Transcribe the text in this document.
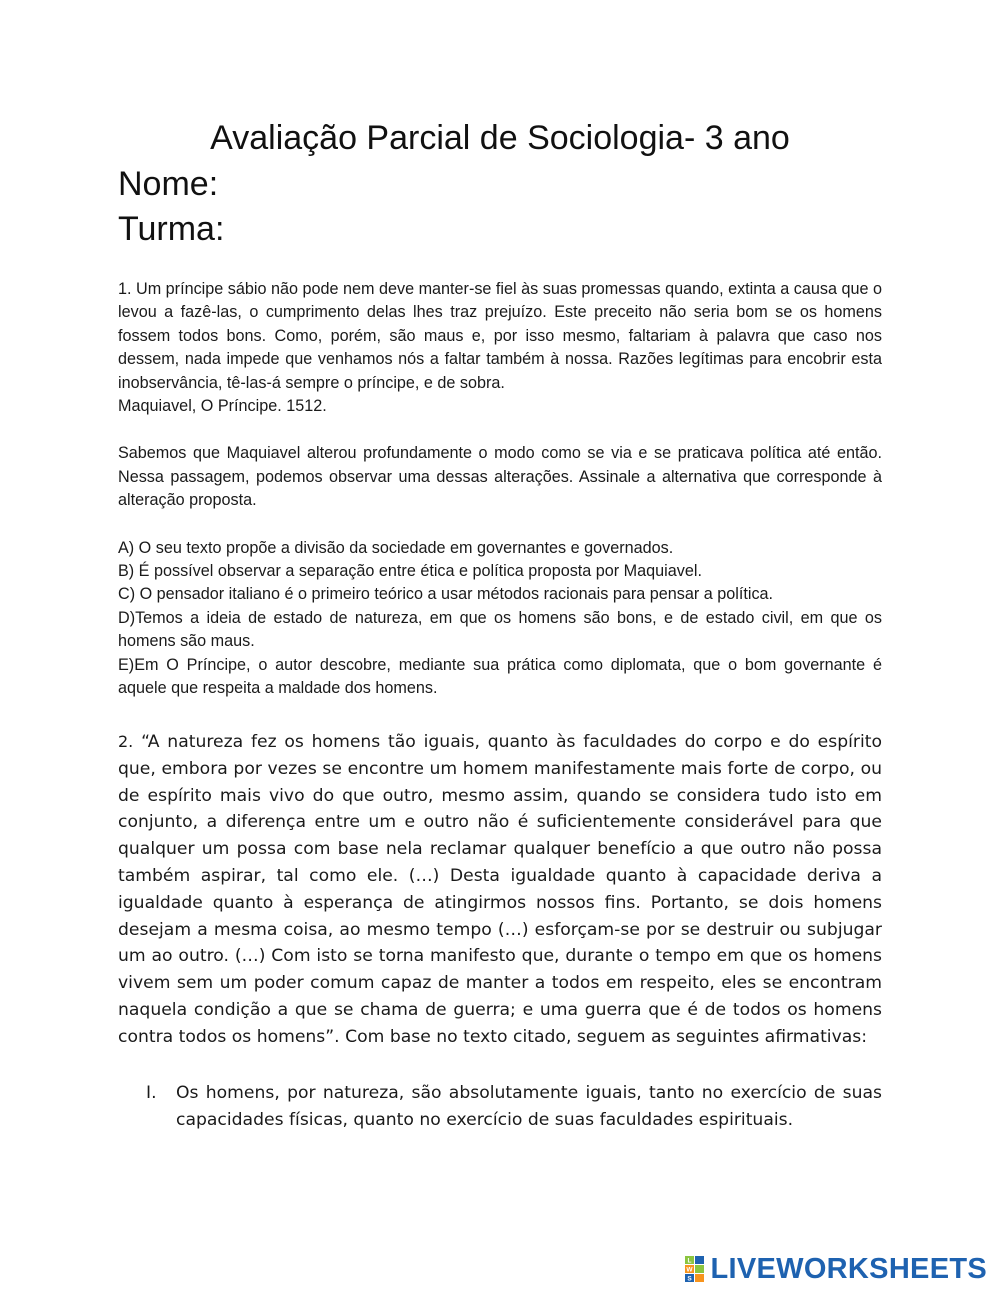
Avaliação Parcial de Sociologia- 3 ano
Nome:
Turma:

1. Um príncipe sábio não pode nem deve manter-se fiel às suas promessas quando, extinta a causa que o levou a fazê-las, o cumprimento delas lhes traz prejuízo. Este preceito não seria bom se os homens fossem todos bons. Como, porém, são maus e, por isso mesmo, faltariam à palavra que caso nos dessem, nada impede que venhamos nós a faltar também à nossa. Razões legítimas para encobrir esta inobservância, tê-las-á sempre o príncipe, e de sobra.

Maquiavel, O Príncipe. 1512.

Sabemos que Maquiavel alterou profundamente o modo como se via e se praticava política até então. Nessa passagem, podemos observar uma dessas alterações. Assinale a alternativa que corresponde à alteração proposta.

A) O seu texto propõe a divisão da sociedade em governantes e governados.

B) É possível observar a separação entre ética e política proposta por Maquiavel.

C) O pensador italiano é o primeiro teórico a usar métodos racionais para pensar a política.

D)Temos a ideia de estado de natureza, em que os homens são bons, e de estado civil, em que os homens são maus.

E)Em O Príncipe, o autor descobre, mediante sua prática como diplomata, que o bom governante é aquele que respeita a maldade dos homens.

2. “A natureza fez os homens tão iguais, quanto às faculdades do corpo e do espírito que, embora por vezes se encontre um homem manifestamente mais forte de corpo, ou de espírito mais vivo do que outro, mesmo assim, quando se considera tudo isto em conjunto, a diferença entre um e outro não é suficientemente considerável para que qualquer um possa com base nela reclamar qualquer benefício a que outro não possa também aspirar, tal como ele. (…) Desta igualdade quanto à capacidade deriva a igualdade quanto à esperança de atingirmos nossos fins. Portanto, se dois homens desejam a mesma coisa, ao mesmo tempo (…) esforçam-se por se destruir ou subjugar um ao outro. (…) Com isto se torna manifesto que, durante o tempo em que os homens vivem sem um poder comum capaz de manter a todos em respeito, eles se encontram naquela condição a que se chama de guerra; e uma guerra que é de todos os homens contra todos os homens”. Com base no texto citado, seguem as seguintes afirmativas:

I.	Os homens, por natureza, são absolutamente iguais, tanto no exercício de suas capacidades físicas, quanto no exercício de suas faculdades espirituais.
L
W
S LIVEWORKSHEETS
